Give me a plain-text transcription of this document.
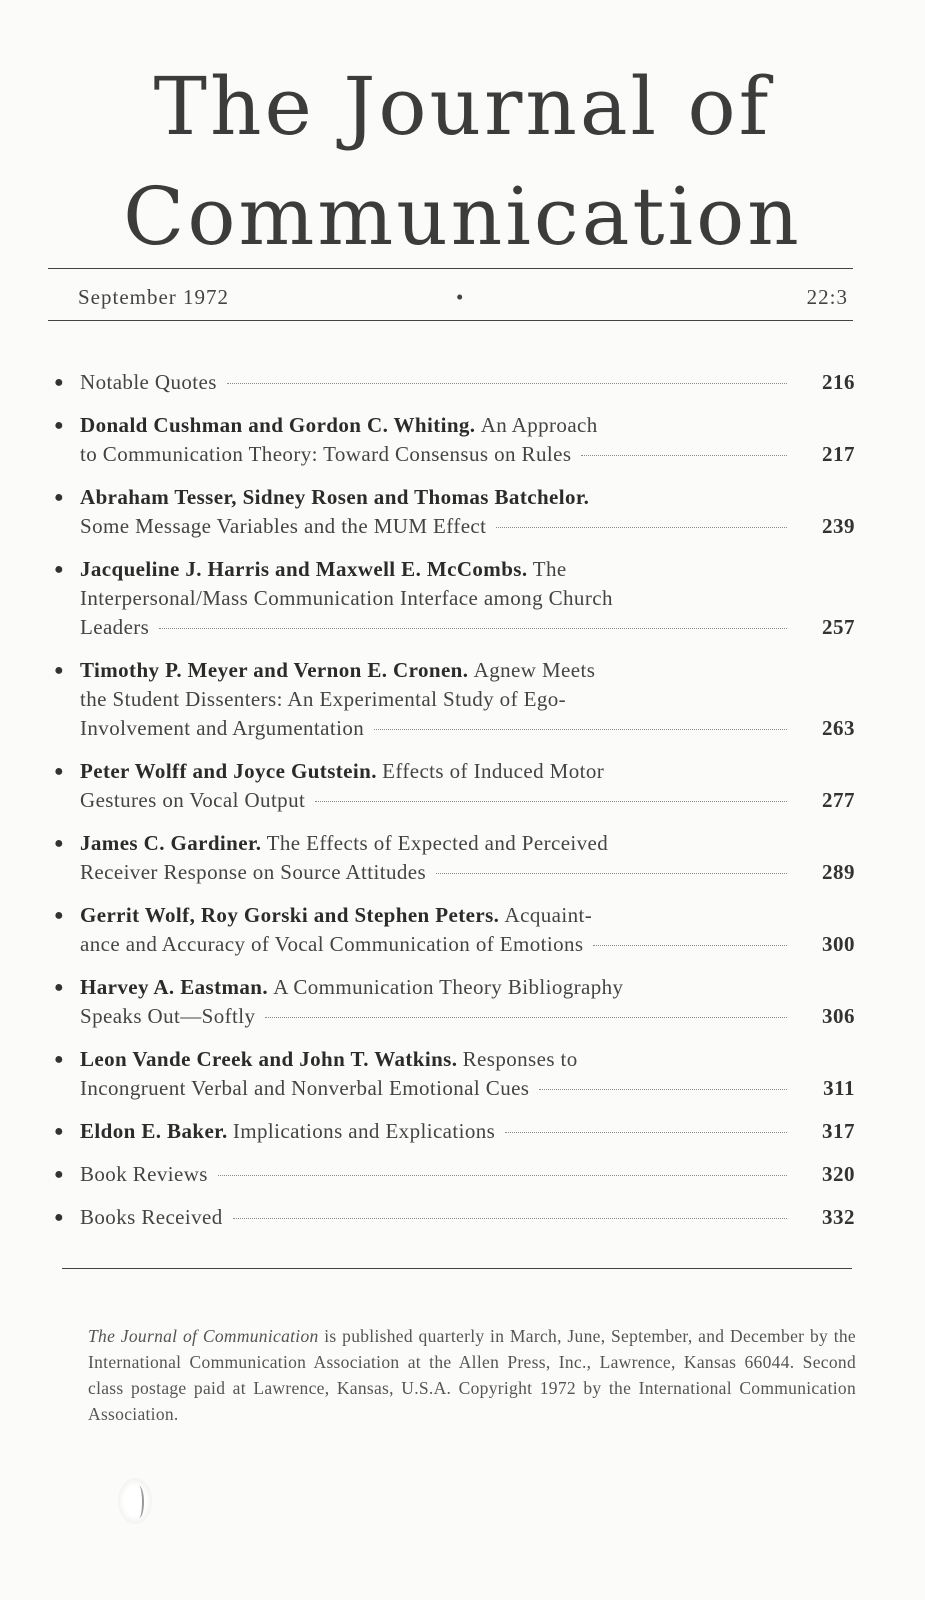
The Journal of
Communication
September 1972	•	22:3
● Notable Quotes	216
● Donald Cushman and Gordon C. Whiting. An Approach
to Communication Theory: Toward Consensus on Rules	217
● Abraham Tesser, Sidney Rosen and Thomas Batchelor.
Some Message Variables and the MUM Effect	239
● Jacqueline J. Harris and Maxwell E. McCombs. The
Interpersonal/Mass Communication Interface among Church
Leaders	257
● Timothy P. Meyer and Vernon E. Cronen. Agnew Meets
the Student Dissenters: An Experimental Study of Ego-
Involvement and Argumentation	263
● Peter Wolff and Joyce Gutstein. Effects of Induced Motor
Gestures on Vocal Output	277
● James C. Gardiner. The Effects of Expected and Perceived
Receiver Response on Source Attitudes	289
● Gerrit Wolf, Roy Gorski and Stephen Peters. Acquaint-
ance and Accuracy of Vocal Communication of Emotions	300
● Harvey A. Eastman. A Communication Theory Bibliography
Speaks Out—Softly	306
● Leon Vande Creek and John T. Watkins. Responses to
Incongruent Verbal and Nonverbal Emotional Cues	311
● Eldon E. Baker. Implications and Explications	317
● Book Reviews	320
● Books Received	332
The Journal of Communication is published quarterly in March, June, September, and December by the International Communication Association at the Allen Press, Inc., Lawrence, Kansas 66044. Second class postage paid at Lawrence, Kansas, U.S.A. Copyright 1972 by the International Communication Association.
